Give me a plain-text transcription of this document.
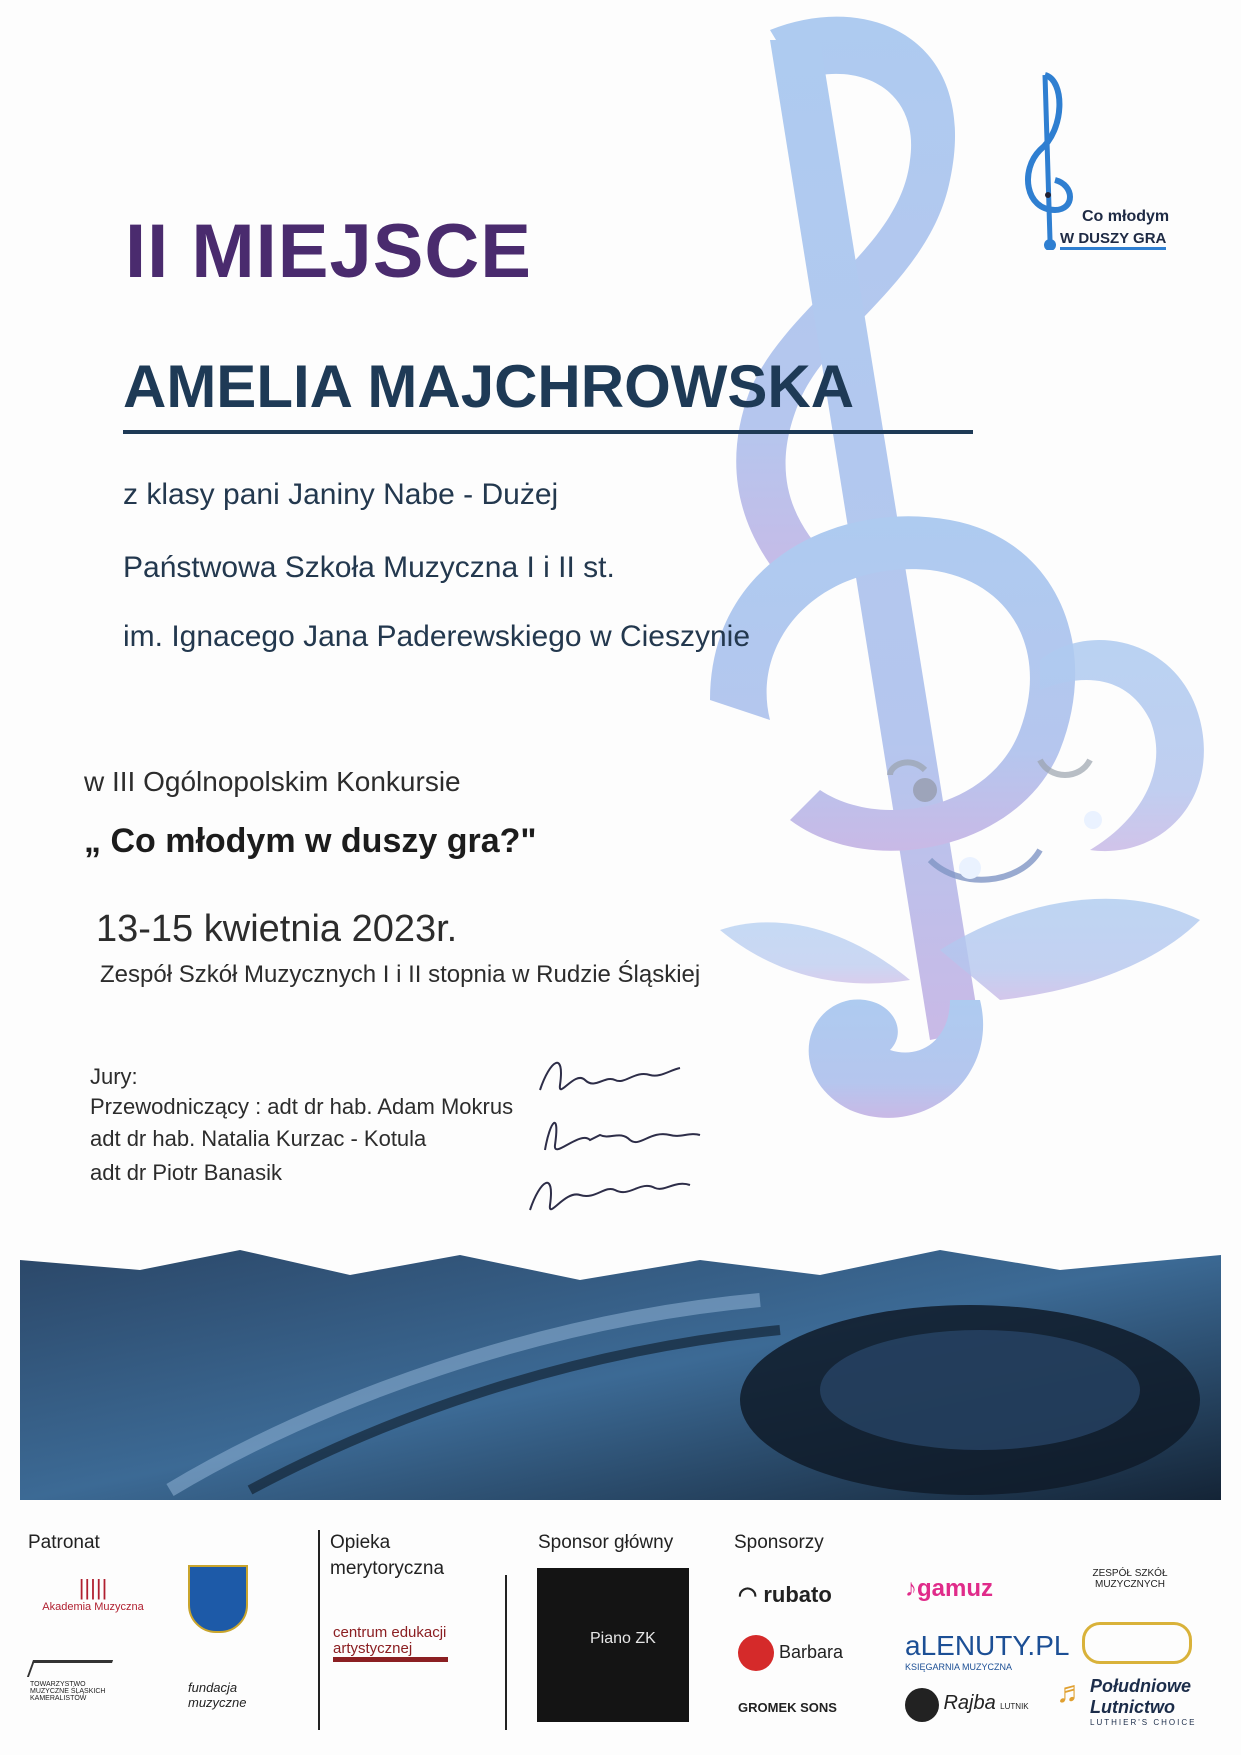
Co młodym
W DUSZY GRA
II MIEJSCE
AMELIA MAJCHROWSKA
z klasy pani Janiny Nabe - Dużej
Państwowa Szkoła Muzyczna I i II st.
im. Ignacego Jana Paderewskiego w Cieszynie
w III Ogólnopolskim Konkursie
„ Co młodym w duszy gra?"
13-15 kwietnia 2023r.
Zespół Szkół Muzycznych I i II stopnia w Rudzie Śląskiej
Jury:
Przewodniczący : adt dr hab. Adam Mokrus
adt dr hab. Natalia Kurzac - Kotula
adt dr Piotr Banasik
Patronat	Opieka
merytoryczna
Sponsor główny	Sponsorzy
|||||
Akademia Muzyczna
TOWARZYSTWO MUZYCZNE ŚLĄSKICH KAMERALISTÓW
fundacja muzyczne
centrum edukacji artystycznej
Piano ZK
◠ rubato
Barbara
GROMEK SONS
♪gamuz
aLENUTY.PL
KSIĘGARNIA MUZYCZNA
Rajba LUTNIK
ZESPÓŁ SZKÓŁ MUZYCZNYCH
♬ Południowe
Lutnictwo
LUTHIER'S CHOICE
